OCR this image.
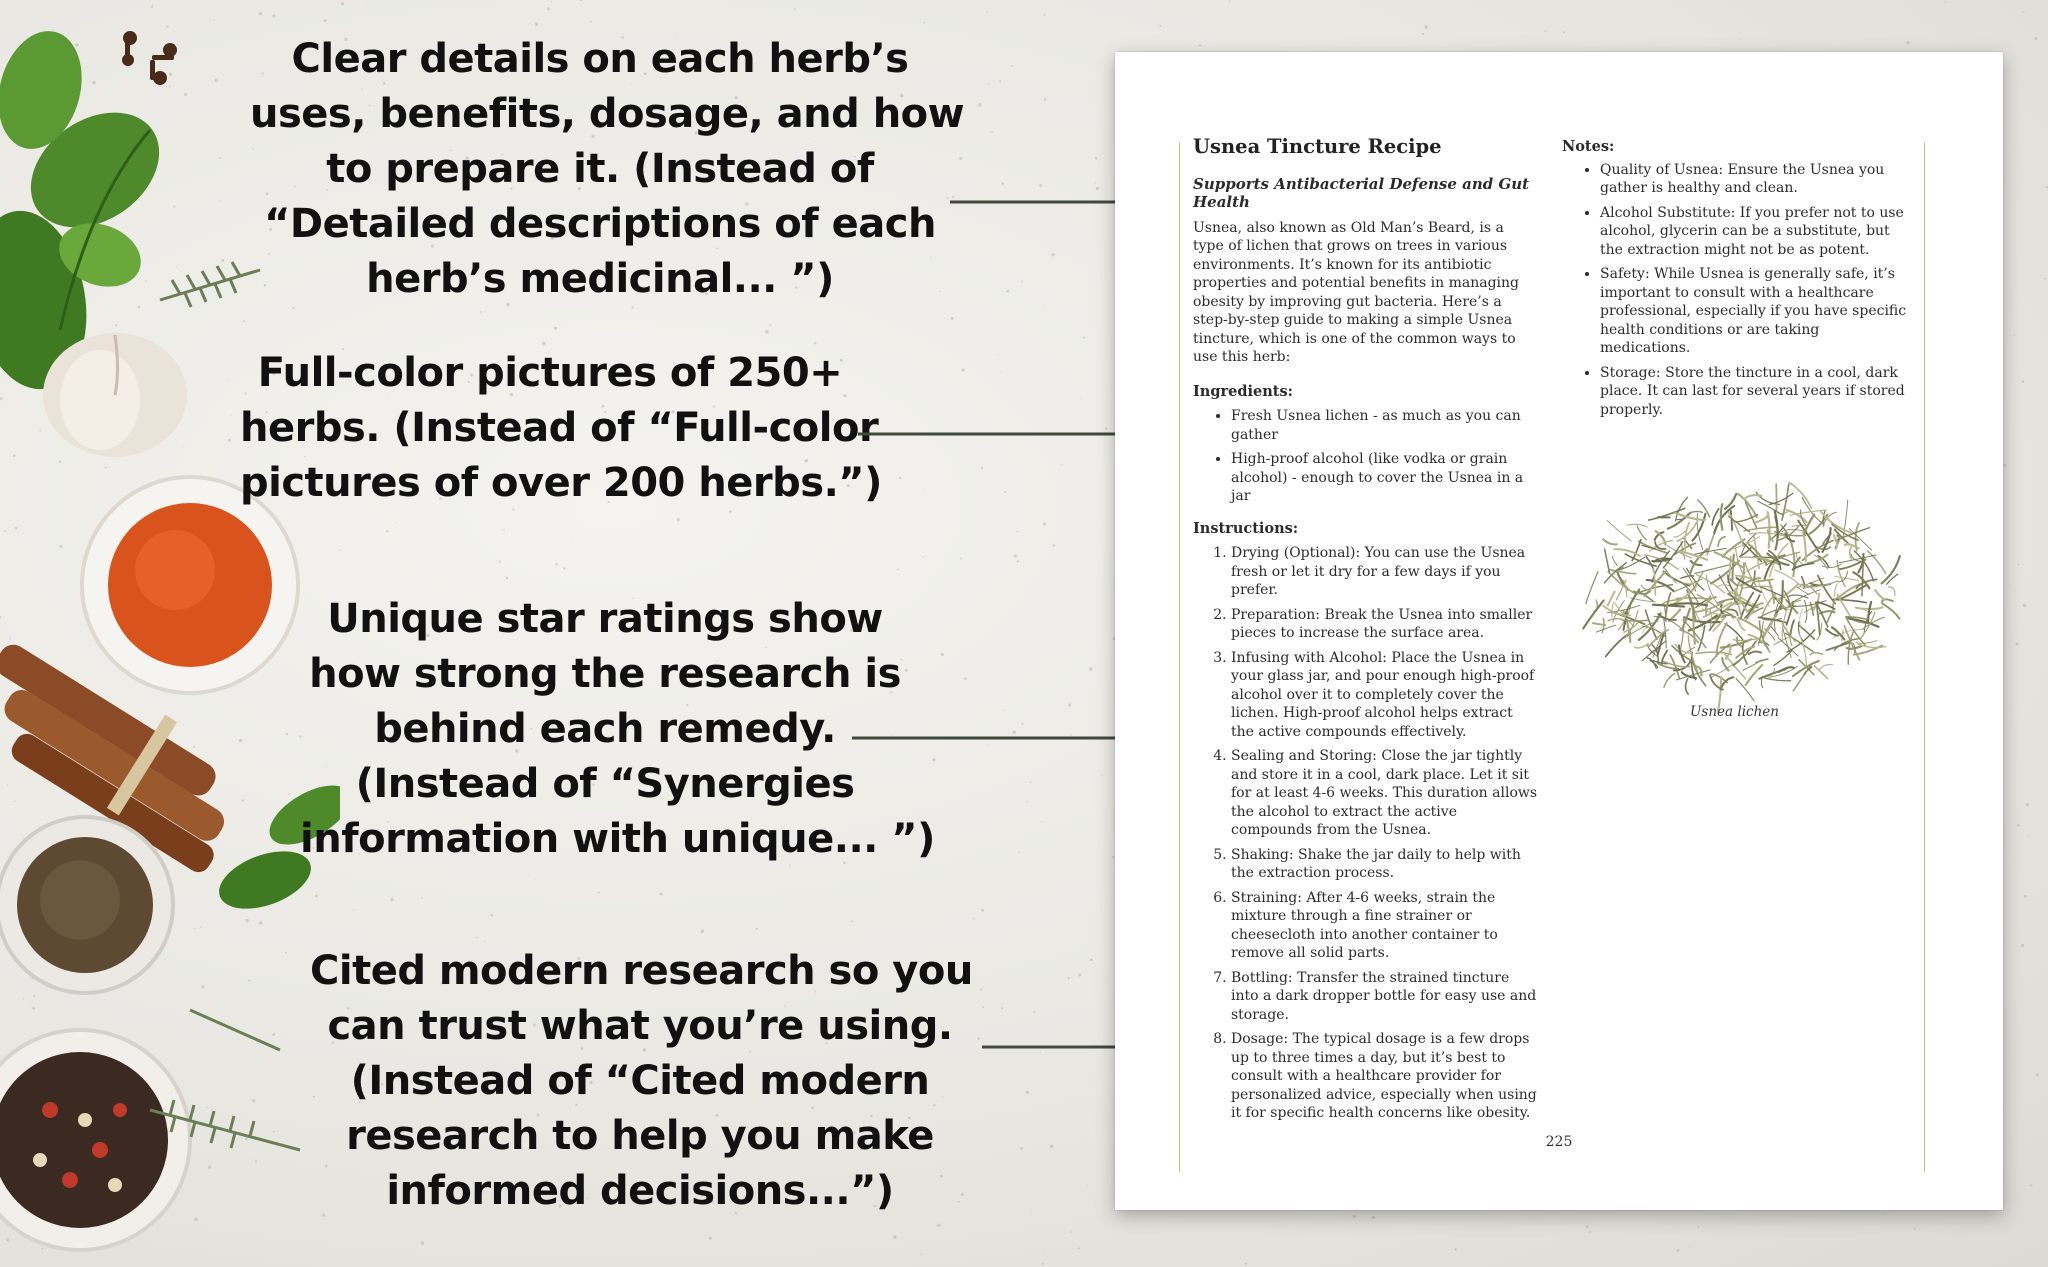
Clear details on each herb’s
uses, benefits, dosage, and how
to prepare it. (Instead of
“Detailed descriptions of each
herb’s medicinal... ”)
Full-color pictures of 250+
herbs. (Instead of “Full-color
pictures of over 200 herbs.”)
Unique star ratings show
how strong the research is
behind each remedy.
(Instead of “Synergies
information with unique... ”)
Cited modern research so you
can trust what you’re using.
(Instead of “Cited modern
research to help you make
informed decisions...”)
Usnea Tincture Recipe
Supports Antibacterial Defense and Gut Health

Usnea, also known as Old Man’s Beard, is a type of lichen that grows on trees in various environments. It’s known for its antibiotic properties and potential benefits in managing obesity by improving gut bacteria. Here’s a step-by-step guide to making a simple Usnea tincture, which is one of the common ways to use this herb:

Ingredients:
• Fresh Usnea lichen - as much as you can gather
• High-proof alcohol (like vodka or grain alcohol) - enough to cover the Usnea in a jar
Instructions:
1. Drying (Optional): You can use the Usnea fresh or let it dry for a few days if you prefer.
2. Preparation: Break the Usnea into smaller pieces to increase the surface area.
3. Infusing with Alcohol: Place the Usnea in your glass jar, and pour enough high-proof alcohol over it to completely cover the lichen. High-proof alcohol helps extract the active compounds effectively.
4. Sealing and Storing: Close the jar tightly and store it in a cool, dark place. Let it sit for at least 4-6 weeks. This duration allows the alcohol to extract the active compounds from the Usnea.
5. Shaking: Shake the jar daily to help with the extraction process.
6. Straining: After 4-6 weeks, strain the mixture through a fine strainer or cheesecloth into another container to remove all solid parts.
7. Bottling: Transfer the strained tincture into a dark dropper bottle for easy use and storage.
8. Dosage: The typical dosage is a few drops up to three times a day, but it’s best to consult with a healthcare provider for personalized advice, especially when using it for specific health concerns like obesity.
Notes:
• Quality of Usnea: Ensure the Usnea you gather is healthy and clean.
• Alcohol Substitute: If you prefer not to use alcohol, glycerin can be a substitute, but the extraction might not be as potent.
• Safety: While Usnea is generally safe, it’s important to consult with a healthcare professional, especially if you have specific health conditions or are taking medications.
• Storage: Store the tincture in a cool, dark place. It can last for several years if stored properly.
Usnea lichen
225
